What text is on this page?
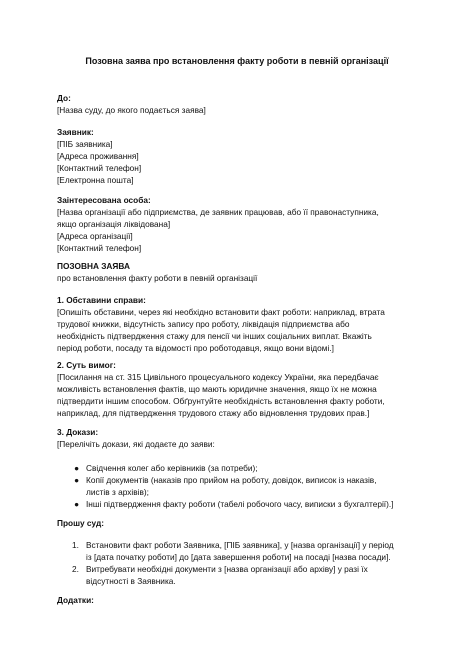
Позовна заява про встановлення факту роботи в певній організації
До:
[Назва суду, до якого подається заява]
Заявник:
[ПІБ заявника]
[Адреса проживання]
[Контактний телефон]
[Електронна пошта]
Заінтересована особа:
[Назва організації або підприємства, де заявник працював, або її правонаступника,
якщо організація ліквідована]
[Адреса організації]
[Контактний телефон]
ПОЗОВНА ЗАЯВА
про встановлення факту роботи в певній організації
1. Обставини справи:
[Опишіть обставини, через які необхідно встановити факт роботи: наприклад, втрата
трудової книжки, відсутність запису про роботу, ліквідація підприємства або
необхідність підтвердження стажу для пенсії чи інших соціальних виплат. Вкажіть
період роботи, посаду та відомості про роботодавця, якщо вони відомі.]
2. Суть вимог:
[Посилання на ст. 315 Цивільного процесуального кодексу України, яка передбачає
можливість встановлення фактів, що мають юридичне значення, якщо їх не можна
підтвердити іншим способом. Обґрунтуйте необхідність встановлення факту роботи,
наприклад, для підтвердження трудового стажу або відновлення трудових прав.]
3. Докази:
[Перелічіть докази, які додаєте до заяви:
● Свідчення колег або керівників (за потреби);
● Копії документів (наказів про прийом на роботу, довідок, виписок із наказів,
листів з архівів);
● Інші підтвердження факту роботи (табелі робочого часу, виписки з бухгалтерії).]
Прошу суд:
1. Встановити факт роботи Заявника, [ПІБ заявника], у [назва організації] у період
із [дата початку роботи] до [дата завершення роботи] на посаді [назва посади].
2. Витребувати необхідні документи з [назва організації або архіву] у разі їх
відсутності в Заявника.
Додатки:
